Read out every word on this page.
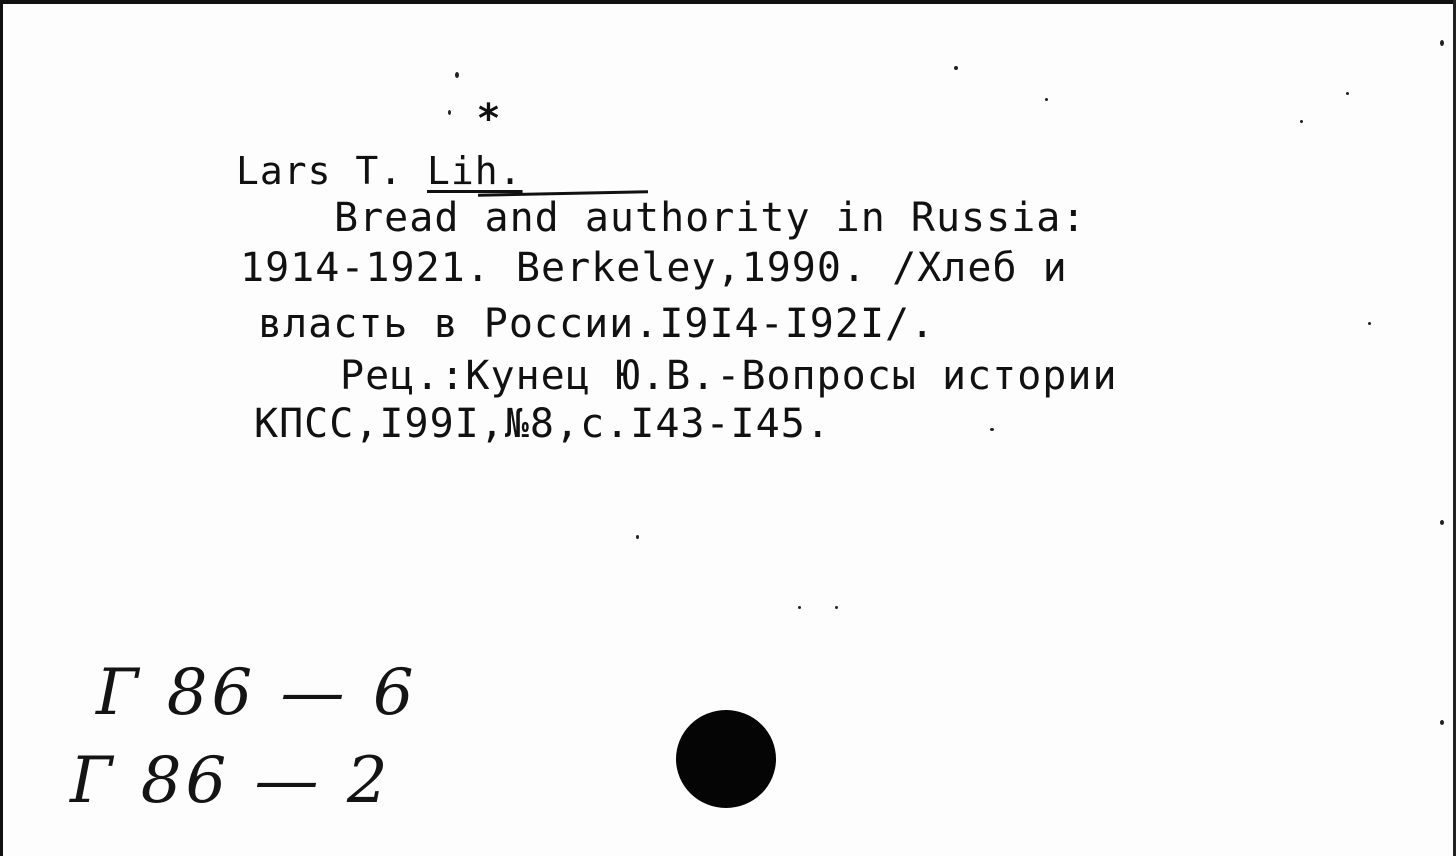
*
Lars T. Lih.
Bread and authority in Russia:
1914-1921. Berkeley,1990. /Хлеб и
власть в России.I9I4-I92I/.
Рец.:Кунец Ю.В.-Вопросы истории
КПСС,I99I,№8,с.I43-I45.
Г 86 — 6
Г 86 — 2
